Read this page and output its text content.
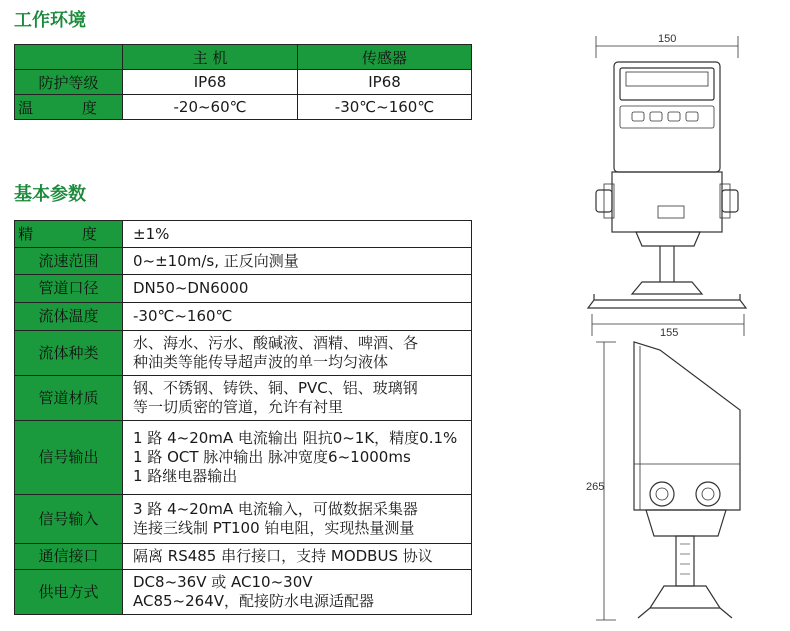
工作环境
	主 机	传感器
防护等级	IP68	IP68
温 度	-20~60℃	-30℃~160℃
基本参数
精 度	±1%

流速范围	0~±10m/s, 正反向测量

管道口径	DN50~DN6000

流体温度	-30℃~160℃

流体种类	水、海水、污水、酸碱液、酒精、啤酒、各
种油类等能传导超声波的单一均匀液体

管道材质	钢、不锈钢、铸铁、铜、PVC、铝、玻璃钢
等一切质密的管道，允许有衬里

信号输出	1 路 4~20mA 电流输出 阻抗0~1K，精度0.1%
1 路 OCT 脉冲输出 脉冲宽度6~1000ms
1 路继电器输出

信号输入	3 路 4~20mA 电流输入，可做数据采集器
连接三线制 PT100 铂电阻，实现热量测量

通信接口	隔离 RS485 串行接口，支持 MODBUS 协议

供电方式	DC8~36V 或 AC10~30V
AC85~264V，配接防水电源适配器
150
155
265
